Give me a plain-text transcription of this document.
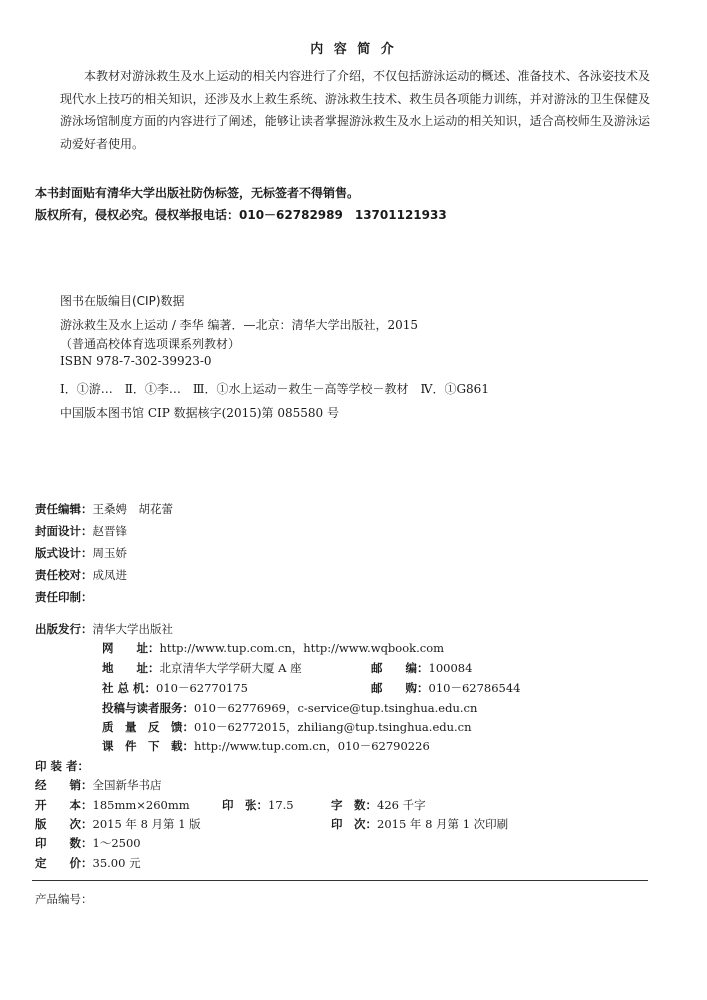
内 容 简 介
本教材对游泳救生及水上运动的相关内容进行了介绍，不仅包括游泳运动的概述、准备技术、各泳姿技术及现代水上技巧的相关知识，还涉及水上救生系统、游泳救生技术、救生员各项能力训练，并对游泳的卫生保健及游泳场馆制度方面的内容进行了阐述，能够让读者掌握游泳救生及水上运动的相关知识，适合高校师生及游泳运动爱好者使用。
本书封面贴有清华大学出版社防伪标签，无标签者不得销售。
版权所有，侵权必究。侵权举报电话：010－62782989　13701121933
图书在版编目(CIP)数据
游泳救生及水上运动 / 李华 编著．—北京：清华大学出版社，2015
（普通高校体育选项课系列教材）
ISBN 978-7-302-39923-0
Ⅰ．①游…　Ⅱ．①李…　Ⅲ．①水上运动－救生－高等学校－教材　Ⅳ．①G861
中国版本图书馆 CIP 数据核字(2015)第 085580 号
责任编辑：王桑娉　胡花蕾
封面设计：赵晋锋
版式设计：周玉娇
责任校对：成凤进
责任印制：
出版发行：清华大学出版社
网　　址：http://www.tup.com.cn，http://www.wqbook.com
地　　址：北京清华大学学研大厦 A 座	邮　　编：100084
社 总 机：010－62770175	邮　　购：010－62786544
投稿与读者服务：010－62776969，c-service@tup.tsinghua.edu.cn
质　量　反　馈：010－62772015，zhiliang@tup.tsinghua.edu.cn
课　件　下　载：http://www.tup.com.cn，010－62790226
印 装 者：
经　　销：全国新华书店
开　　本：185mm×260mm	印　张：17.5	字　数：426 千字
版　　次：2015 年 8 月第 1 版	印　次：2015 年 8 月第 1 次印刷
印　　数：1～2500
定　　价：35.00 元
产品编号：
